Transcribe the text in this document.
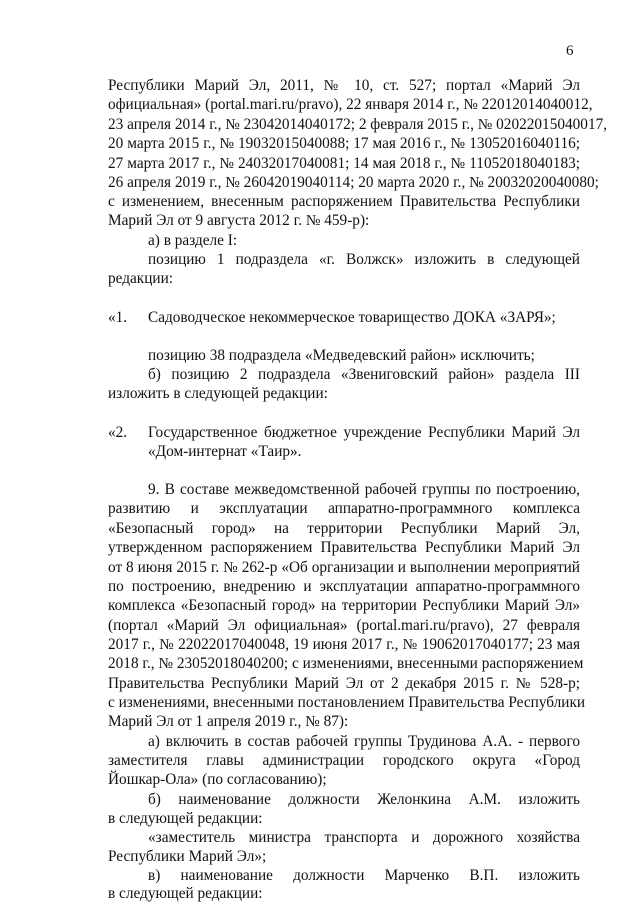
6
Республики Марий Эл, 2011, № 10, ст. 527; портал «Марий Эл
официальная» (portal.mari.ru/pravo), 22 января 2014 г., № 22012014040012,
23 апреля 2014 г., № 23042014040172; 2 февраля 2015 г., № 02022015040017,
20 марта 2015 г., № 19032015040088; 17 мая 2016 г., № 13052016040116;
27 марта 2017 г., № 24032017040081; 14 мая 2018 г., № 11052018040183;
26 апреля 2019 г., № 26042019040114; 20 марта 2020 г., № 20032020040080;
с изменением, внесенным распоряжением Правительства Республики
Марий Эл от 9 августа 2012 г. № 459-р):
а) в разделе I:
позицию 1 подраздела «г. Волжск» изложить в следующей
редакции:
«1. Садоводческое некоммерческое товарищество ДОКА «ЗАРЯ»;
позицию 38 подраздела «Медведевский район» исключить;
б) позицию 2 подраздела «Звениговский район» раздела III
изложить в следующей редакции:
«2. Государственное бюджетное учреждение Республики Марий Эл
«Дом-интернат «Таир».
9. В составе межведомственной рабочей группы по построению,
развитию и эксплуатации аппаратно-программного комплекса
«Безопасный город» на территории Республики Марий Эл,
утвержденном распоряжением Правительства Республики Марий Эл
от 8 июня 2015 г. № 262-р «Об организации и выполнении мероприятий
по построению, внедрению и эксплуатации аппаратно-программного
комплекса «Безопасный город» на территории Республики Марий Эл»
(портал «Марий Эл официальная» (portal.mari.ru/pravo), 27 февраля
2017 г., № 22022017040048, 19 июня 2017 г., № 19062017040177; 23 мая
2018 г., № 23052018040200; с изменениями, внесенными распоряжением
Правительства Республики Марий Эл от 2 декабря 2015 г. № 528-р;
с изменениями, внесенными постановлением Правительства Республики
Марий Эл от 1 апреля 2019 г., № 87):
а) включить в состав рабочей группы Трудинова А.А. - первого
заместителя главы администрации городского округа «Город
Йошкар-Ола» (по согласованию);
б) наименование должности Желонкина А.М. изложить
в следующей редакции:
«заместитель министра транспорта и дорожного хозяйства
Республики Марий Эл»;
в) наименование должности Марченко В.П. изложить
в следующей редакции:
